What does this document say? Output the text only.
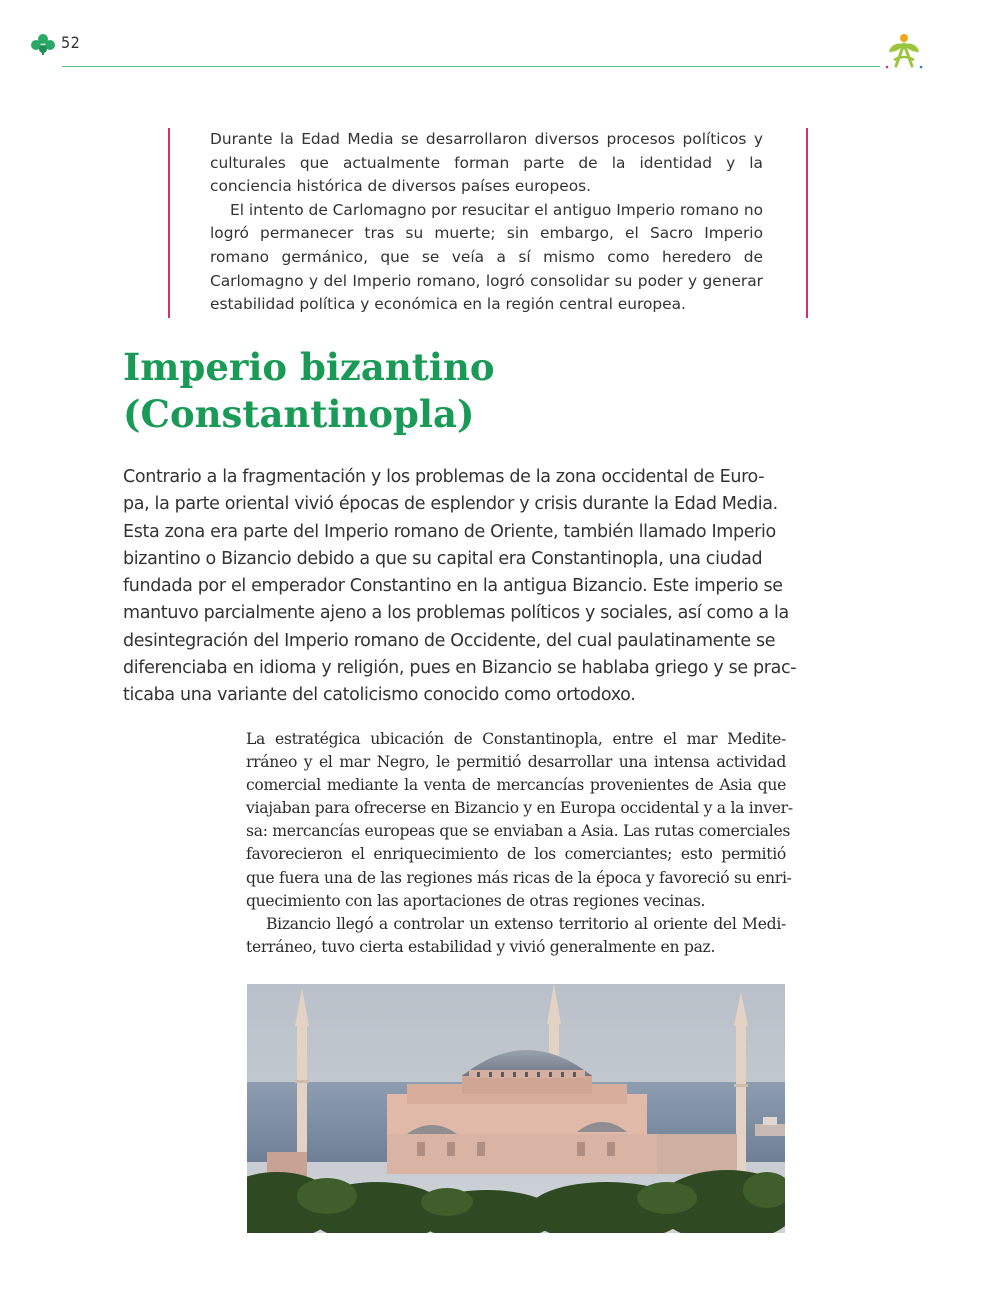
52

Durante la Edad Media se desarrollaron diversos procesos políticos y culturales que actualmente forman parte de la identidad y la conciencia histórica de diversos países europeos.

El intento de Carlomagno por resucitar el antiguo Imperio romano no logró permanecer tras su muerte; sin embargo, el Sacro Imperio romano germánico, que se veía a sí mismo como heredero de Carlomagno y del Imperio romano, logró consolidar su poder y generar estabilidad política y económica en la región central europea.

Imperio bizantino
(Constantinopla)
Contrario a la fragmentación y los problemas de la zona occidental de Euro-
pa, la parte oriental vivió épocas de esplendor y crisis durante la Edad Media.
Esta zona era parte del Imperio romano de Oriente, también llamado Imperio
bizantino o Bizancio debido a que su capital era Constantinopla, una ciudad
fundada por el emperador Constantino en la antigua Bizancio. Este imperio se
mantuvo parcialmente ajeno a los problemas políticos y sociales, así como a la
desintegración del Imperio romano de Occidente, del cual paulatinamente se
diferenciaba en idioma y religión, pues en Bizancio se hablaba griego y se prac-
ticaba una variante del catolicismo conocido como ortodoxo.
La estratégica ubicación de Constantinopla, entre el mar Medite-
rráneo y el mar Negro, le permitió desarrollar una intensa actividad
comercial mediante la venta de mercancías provenientes de Asia que
viajaban para ofrecerse en Bizancio y en Europa occidental y a la inver-
sa: mercancías europeas que se enviaban a Asia. Las rutas comerciales
favorecieron el enriquecimiento de los comerciantes; esto permitió
que fuera una de las regiones más ricas de la época y favoreció su enri-
quecimiento con las aportaciones de otras regiones vecinas.
Bizancio llegó a controlar un extenso territorio al oriente del Medi-
terráneo, tuvo cierta estabilidad y vivió generalmente en paz.
